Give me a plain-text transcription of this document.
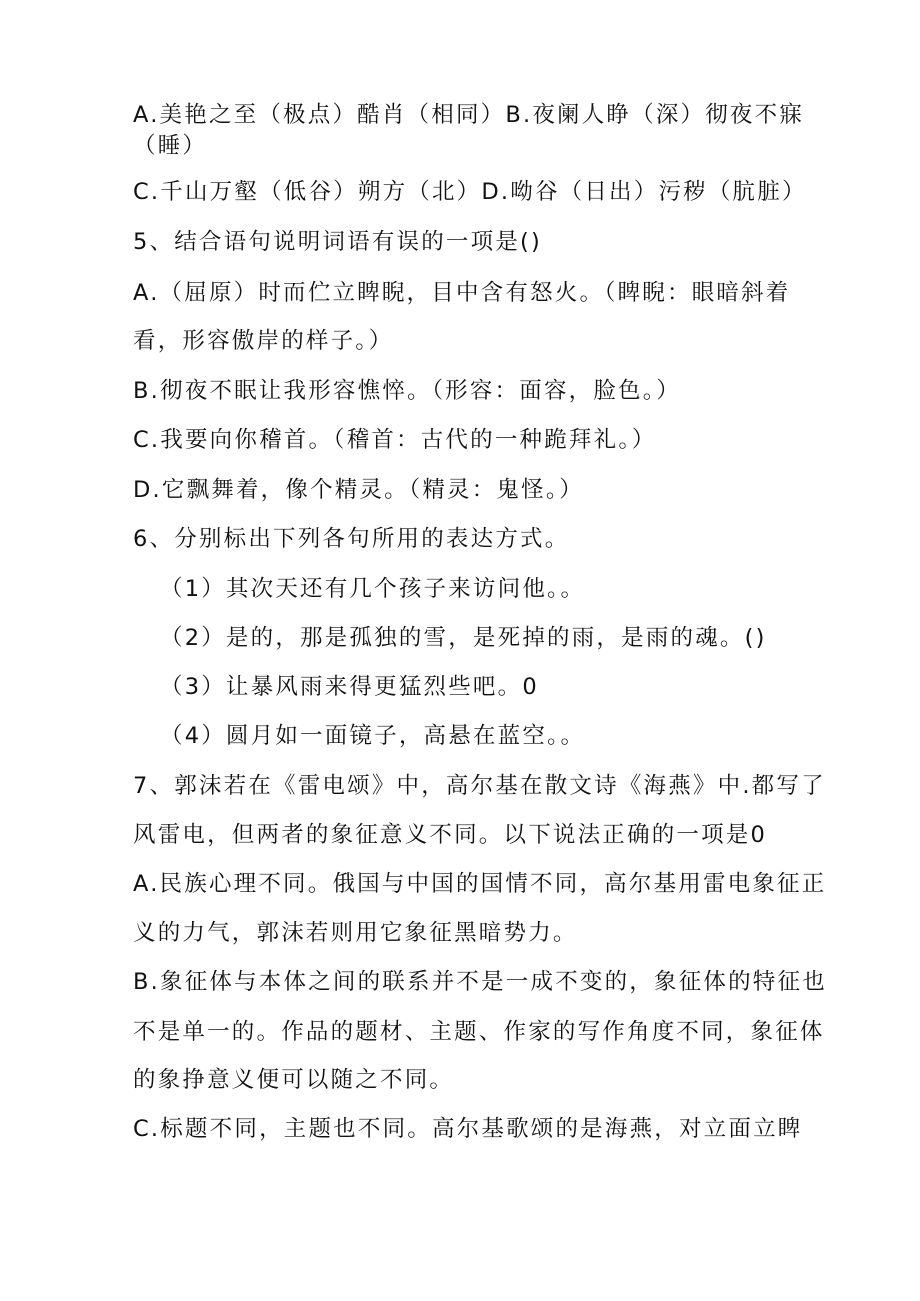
A.美艳之至（极点）酷肖（相同）B.夜阑人睁（深）彻夜不寐
（睡）
C.千山万壑（低谷）朔方（北）D.呦谷（日出）污秽（肮脏）
5、结合语句说明词语有误的一项是()
A.（屈原）时而伫立睥睨，目中含有怒火。（睥睨：眼暗斜着
看，形容傲岸的样子。）
B.彻夜不眠让我形容憔悴。（形容：面容，脸色。）
C.我要向你稽首。（稽首：古代的一种跪拜礼。）
D.它飘舞着，像个精灵。（精灵：鬼怪。）
6、分别标出下列各句所用的表达方式。
（1）其次天还有几个孩子来访问他。。
（2）是的，那是孤独的雪，是死掉的雨，是雨的魂。()
（3）让暴风雨来得更猛烈些吧。0
（4）圆月如一面镜子，高悬在蓝空。。
7、郭沫若在《雷电颂》中，高尔基在散文诗《海燕》中.都写了
风雷电，但两者的象征意义不同。以下说法正确的一项是0
A.民族心理不同。俄国与中国的国情不同，高尔基用雷电象征正
义的力气，郭沫若则用它象征黑暗势力。
B.象征体与本体之间的联系并不是一成不变的，象征体的特征也
不是单一的。作品的题材、主题、作家的写作角度不同，象征体
的象挣意义便可以随之不同。
C.标题不同，主题也不同。高尔基歌颂的是海燕，对立面立睥
